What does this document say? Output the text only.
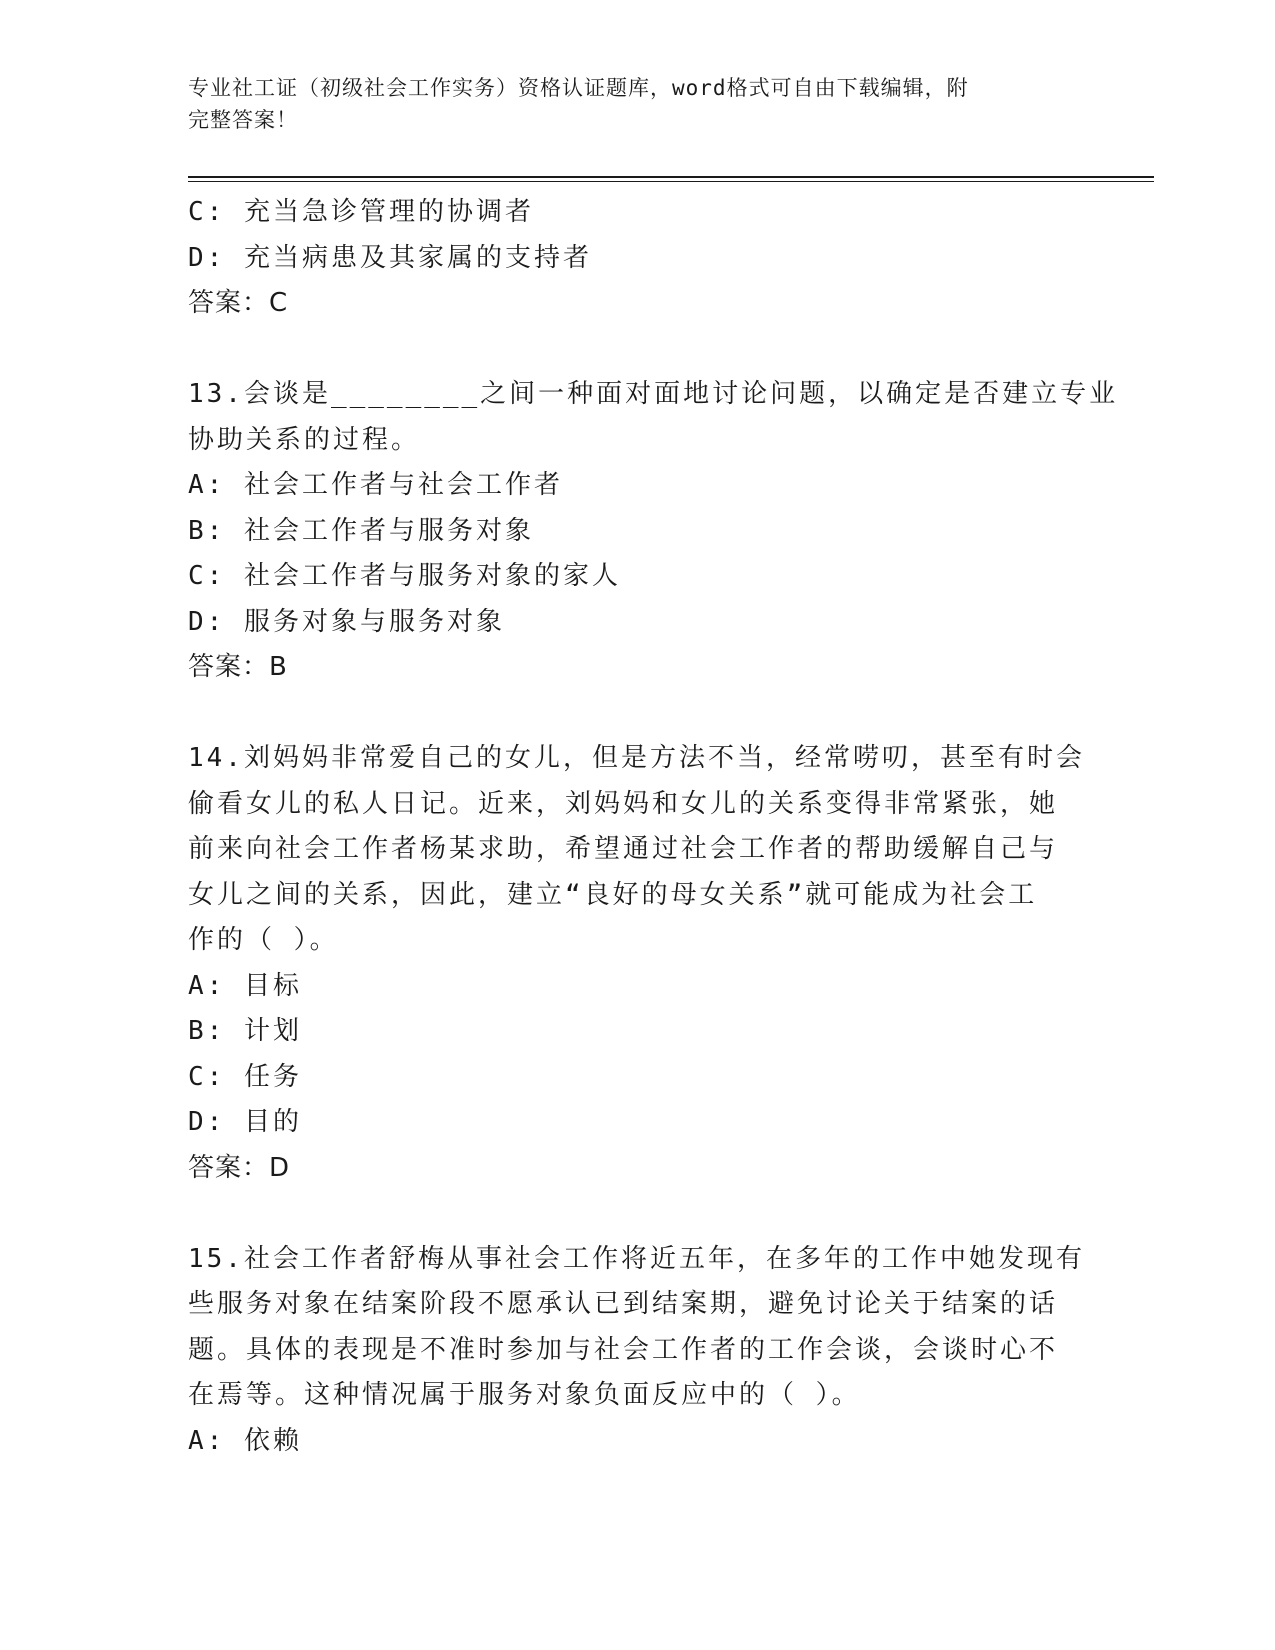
专业社工证（初级社会工作实务）资格认证题库，word格式可自由下载编辑，附
完整答案！
C: 充当急诊管理的协调者
D: 充当病患及其家属的支持者
答案：C
13.会谈是________之间一种面对面地讨论问题，以确定是否建立专业
协助关系的过程。
A: 社会工作者与社会工作者
B: 社会工作者与服务对象
C: 社会工作者与服务对象的家人
D: 服务对象与服务对象
答案：B
14.刘妈妈非常爱自己的女儿，但是方法不当，经常唠叨，甚至有时会
偷看女儿的私人日记。近来，刘妈妈和女儿的关系变得非常紧张，她
前来向社会工作者杨某求助，希望通过社会工作者的帮助缓解自己与
女儿之间的关系，因此，建立“良好的母女关系”就可能成为社会工
作的（ ）。
A: 目标
B: 计划
C: 任务
D: 目的
答案：D
15.社会工作者舒梅从事社会工作将近五年，在多年的工作中她发现有
些服务对象在结案阶段不愿承认已到结案期，避免讨论关于结案的话
题。具体的表现是不准时参加与社会工作者的工作会谈，会谈时心不
在焉等。这种情况属于服务对象负面反应中的（ ）。
A: 依赖
